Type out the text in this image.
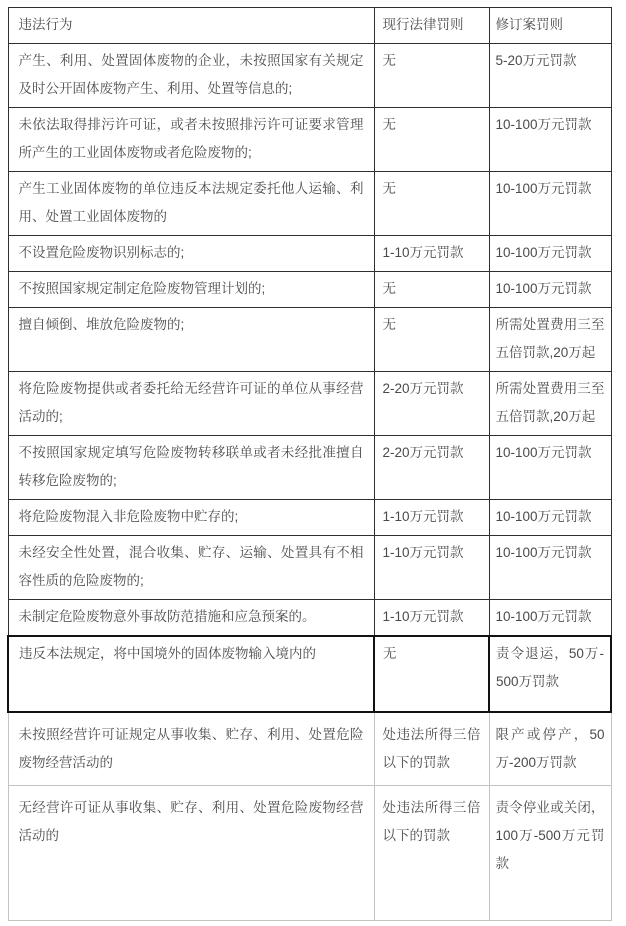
违法行为	现行法律罚则	修订案罚则
产生、利用、处置固体废物的企业，未按照国家有关规定及时公开固体废物产生、利用、处置等信息的;	无	5-20万元罚款
未依法取得排污许可证，或者未按照排污许可证要求管理所产生的工业固体废物或者危险废物的;	无	10-100万元罚款
产生工业固体废物的单位违反本法规定委托他人运输、利用、处置工业固体废物的	无	10-100万元罚款
不设置危险废物识别标志的;	1-10万元罚款	10-100万元罚款
不按照国家规定制定危险废物管理计划的;	无	10-100万元罚款
擅自倾倒、堆放危险废物的;	无	所需处置费用三至五倍罚款,20万起
将危险废物提供或者委托给无经营许可证的单位从事经营活动的;	2-20万元罚款	所需处置费用三至五倍罚款,20万起
不按照国家规定填写危险废物转移联单或者未经批准擅自转移危险废物的;	2-20万元罚款	10-100万元罚款
将危险废物混入非危险废物中贮存的;	1-10万元罚款	10-100万元罚款
未经安全性处置，混合收集、贮存、运输、处置具有不相容性质的危险废物的;	1-10万元罚款	10-100万元罚款
未制定危险废物意外事故防范措施和应急预案的。	1-10万元罚款	10-100万元罚款
违反本法规定，将中国境外的固体废物输入境内的	无	责令退运，50万-500万罚款
未按照经营许可证规定从事收集、贮存、利用、处置危险废物经营活动的	处违法所得三倍以下的罚款	限产或停产，50万-200万罚款
无经营许可证从事收集、贮存、利用、处置危险废物经营活动的	处违法所得三倍以下的罚款	责令停业或关闭，100万-500万元罚款
